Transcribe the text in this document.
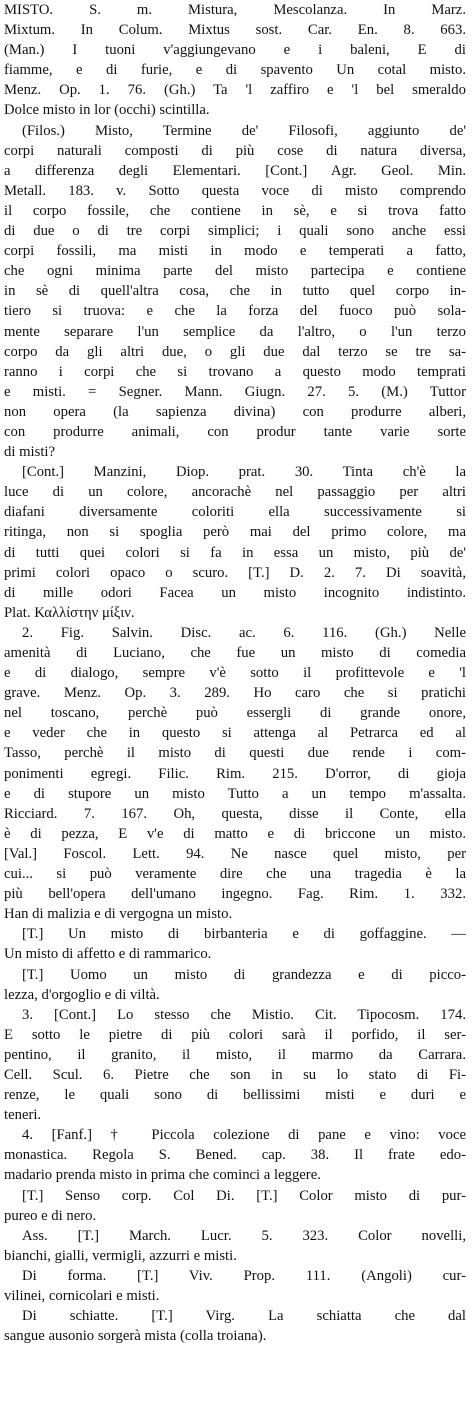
MISTO. S. m. Mistura, Mescolanza. In Marz.
Mixtum. In Colum. Mixtus sost. Car. En. 8. 663.
(Man.) I tuoni v'aggiungevano e i baleni, E di
fiamme, e di furie, e di spavento Un cotal misto.
Menz. Op. 1. 76. (Gh.) Ta 'l zaffiro e 'l bel smeraldo
Dolce misto in lor (occhi) scintilla.

(Filos.) Misto, Termine de' Filosofi, aggiunto de'
corpi naturali composti di più cose di natura diversa,
a differenza degli Elementari. [Cont.] Agr. Geol. Min.
Metall. 183. v. Sotto questa voce di misto comprendo
il corpo fossile, che contiene in sè, e si trova fatto
di due o di tre corpi simplici; i quali sono anche essi
corpi fossili, ma misti in modo e temperati a fatto,
che ogni minima parte del misto partecipa e contiene
in sè di quell'altra cosa, che in tutto quel corpo in-
tiero si truova: e che la forza del fuoco può sola-
mente separare l'un semplice da l'altro, o l'un terzo
corpo da gli altri due, o gli due dal terzo se tre sa-
ranno i corpi che si trovano a questo modo temprati
e misti. = Segner. Mann. Giugn. 27. 5. (M.) Tuttor
non opera (la sapienza divina) con produrre alberi,
con produrre animali, con produr tante varie sorte
di misti?

[Cont.] Manzini, Diop. prat. 30. Tinta ch'è la
luce di un colore, ancorachè nel passaggio per altri
diafani diversamente coloriti ella successivamente si
ritinga, non si spoglia però mai del primo colore, ma
di tutti quei colori si fa in essa un misto, più de'
primi colori opaco o scuro. [T.] D. 2. 7. Di soavità,
di mille odori Facea un misto incognito indistinto.
Plat. Καλλίστην μίξιν.

2. Fig. Salvin. Disc. ac. 6. 116. (Gh.) Nelle
amenità di Luciano, che fue un misto di comedia
e di dialogo, sempre v'è sotto il profittevole e 'l
grave. Menz. Op. 3. 289. Ho caro che si pratichi
nel toscano, perchè può essergli di grande onore,
e veder che in questo si attenga al Petrarca ed al
Tasso, perchè il misto di questi due rende i com-
ponimenti egregi. Filic. Rim. 215. D'orror, di gioja
e di stupore un misto Tutto a un tempo m'assalta.
Ricciard. 7. 167. Oh, questa, disse il Conte, ella
è di pezza, E v'e di matto e di briccone un misto.
[Val.] Foscol. Lett. 94. Ne nasce quel misto, per
cui... si può veramente dire che una tragedia è la
più bell'opera dell'umano ingegno. Fag. Rim. 1. 332.
Han di malizia e di vergogna un misto.

[T.] Un misto di birbanteria e di goffaggine. —
Un misto di affetto e di rammarico.

[T.] Uomo un misto di grandezza e di picco-
lezza, d'orgoglio e di viltà.

3. [Cont.] Lo stesso che Mistio. Cit. Tipocosm. 174.
E sotto le pietre di più colori sarà il porfido, il ser-
pentino, il granito, il misto, il marmo da Carrara.
Cell. Scul. 6. Pietre che son in su lo stato di Fi-
renze, le quali sono di bellissimi misti e duri e
teneri.

4. [Fanf.] † Piccola colezione di pane e vino: voce
monastica. Regola S. Bened. cap. 38. Il frate edo-
madario prenda misto in prima che cominci a leggere.

[T.] Senso corp. Col Di. [T.] Color misto di pur-
pureo e di nero.

Ass. [T.] March. Lucr. 5. 323. Color novelli,
bianchi, gialli, vermigli, azzurri e misti.

Di forma. [T.] Viv. Prop. 111. (Angoli) cur-
vilinei, cornicolari e misti.

Di schiatte. [T.] Virg. La schiatta che dal
sangue ausonio sorgerà mista (colla troiana).
